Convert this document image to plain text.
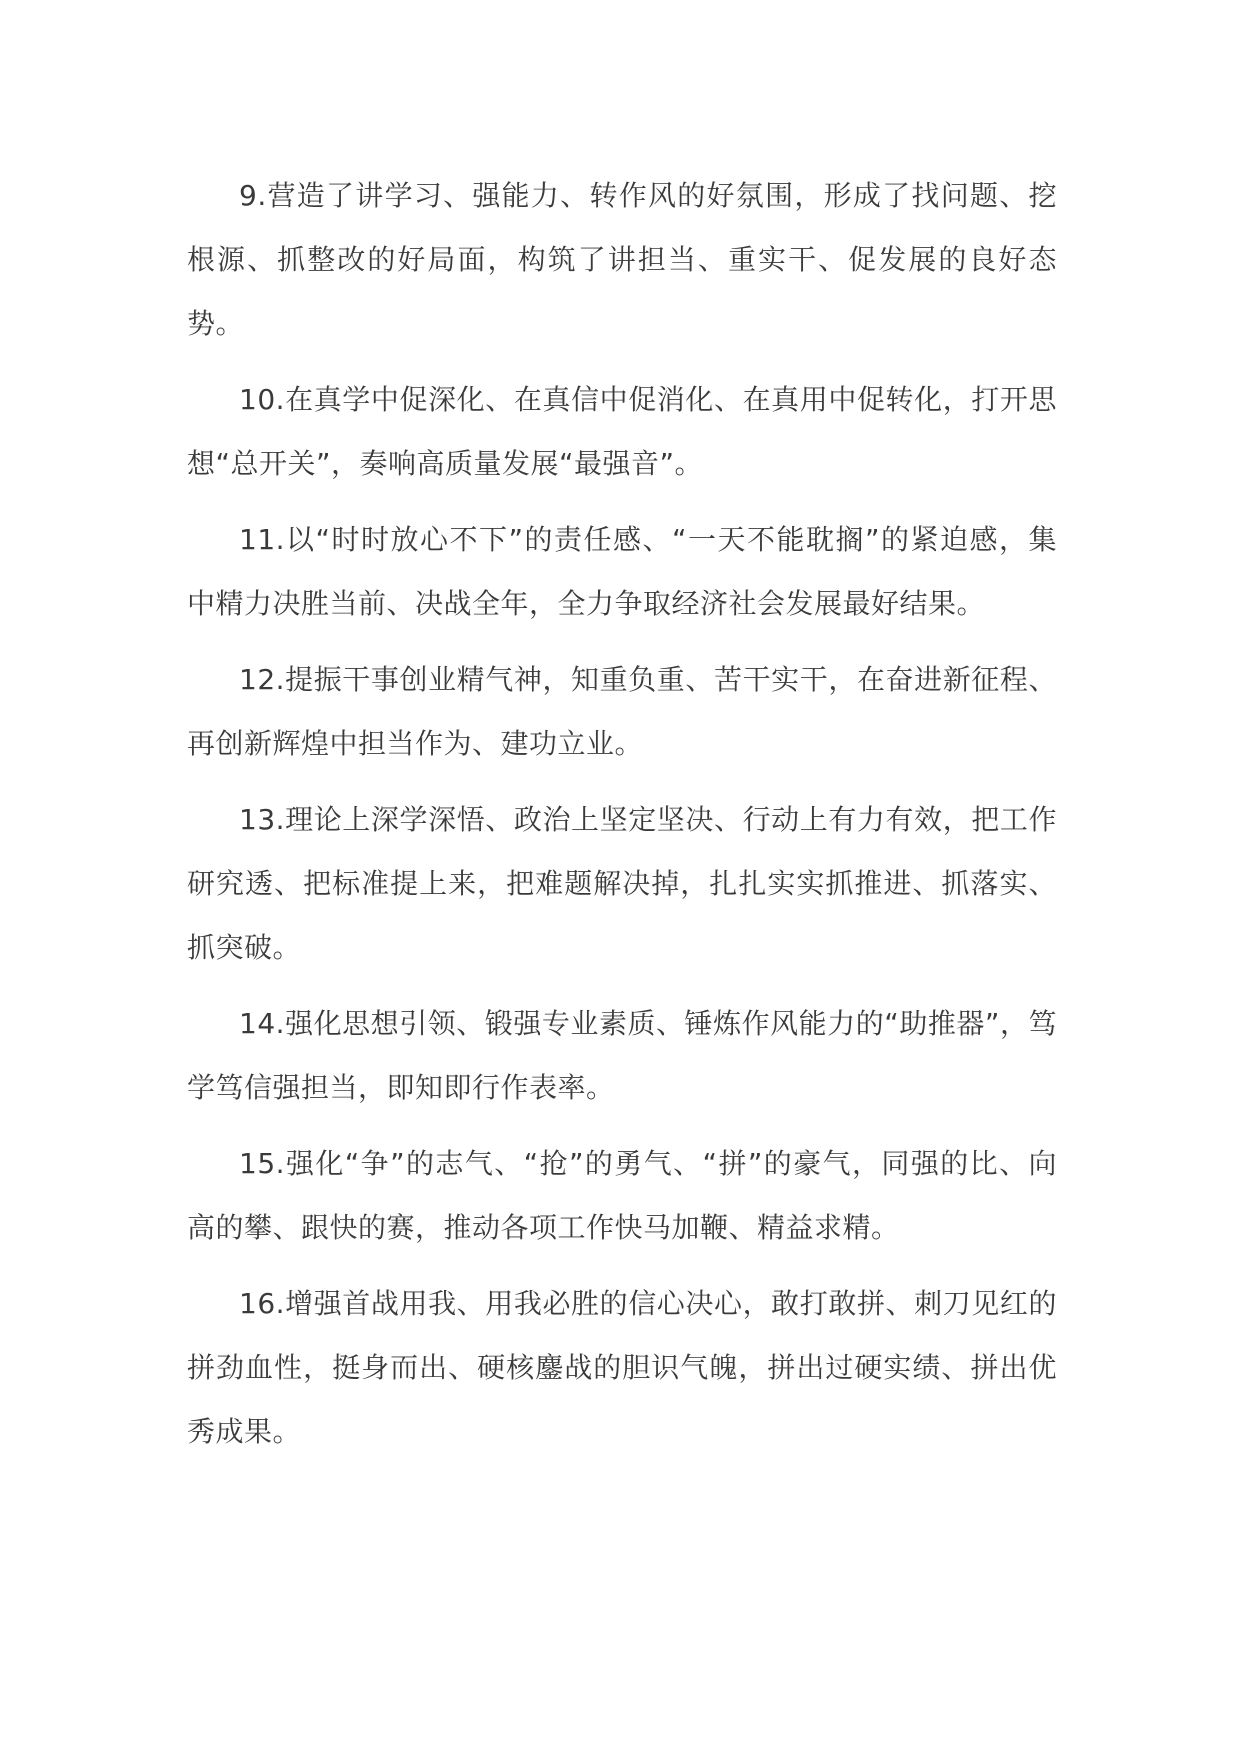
9.营造了讲学习、强能力、转作风的好氛围，形成了找问题、挖根源、抓整改的好局面，构筑了讲担当、重实干、促发展的良好态势。

10.在真学中促深化、在真信中促消化、在真用中促转化，打开思想“总开关”，奏响高质量发展“最强音”。

11.以“时时放心不下”的责任感、“一天不能耽搁”的紧迫感，集中精力决胜当前、决战全年，全力争取经济社会发展最好结果。

12.提振干事创业精气神，知重负重、苦干实干，在奋进新征程、再创新辉煌中担当作为、建功立业。

13.理论上深学深悟、政治上坚定坚决、行动上有力有效，把工作研究透、把标准提上来，把难题解决掉，扎扎实实抓推进、抓落实、抓突破。

14.强化思想引领、锻强专业素质、锤炼作风能力的“助推器”，笃学笃信强担当，即知即行作表率。

15.强化“争”的志气、“抢”的勇气、“拼”的豪气，同强的比、向高的攀、跟快的赛，推动各项工作快马加鞭、精益求精。

16.增强首战用我、用我必胜的信心决心，敢打敢拼、刺刀见红的拼劲血性，挺身而出、硬核鏖战的胆识气魄，拼出过硬实绩、拼出优秀成果。
